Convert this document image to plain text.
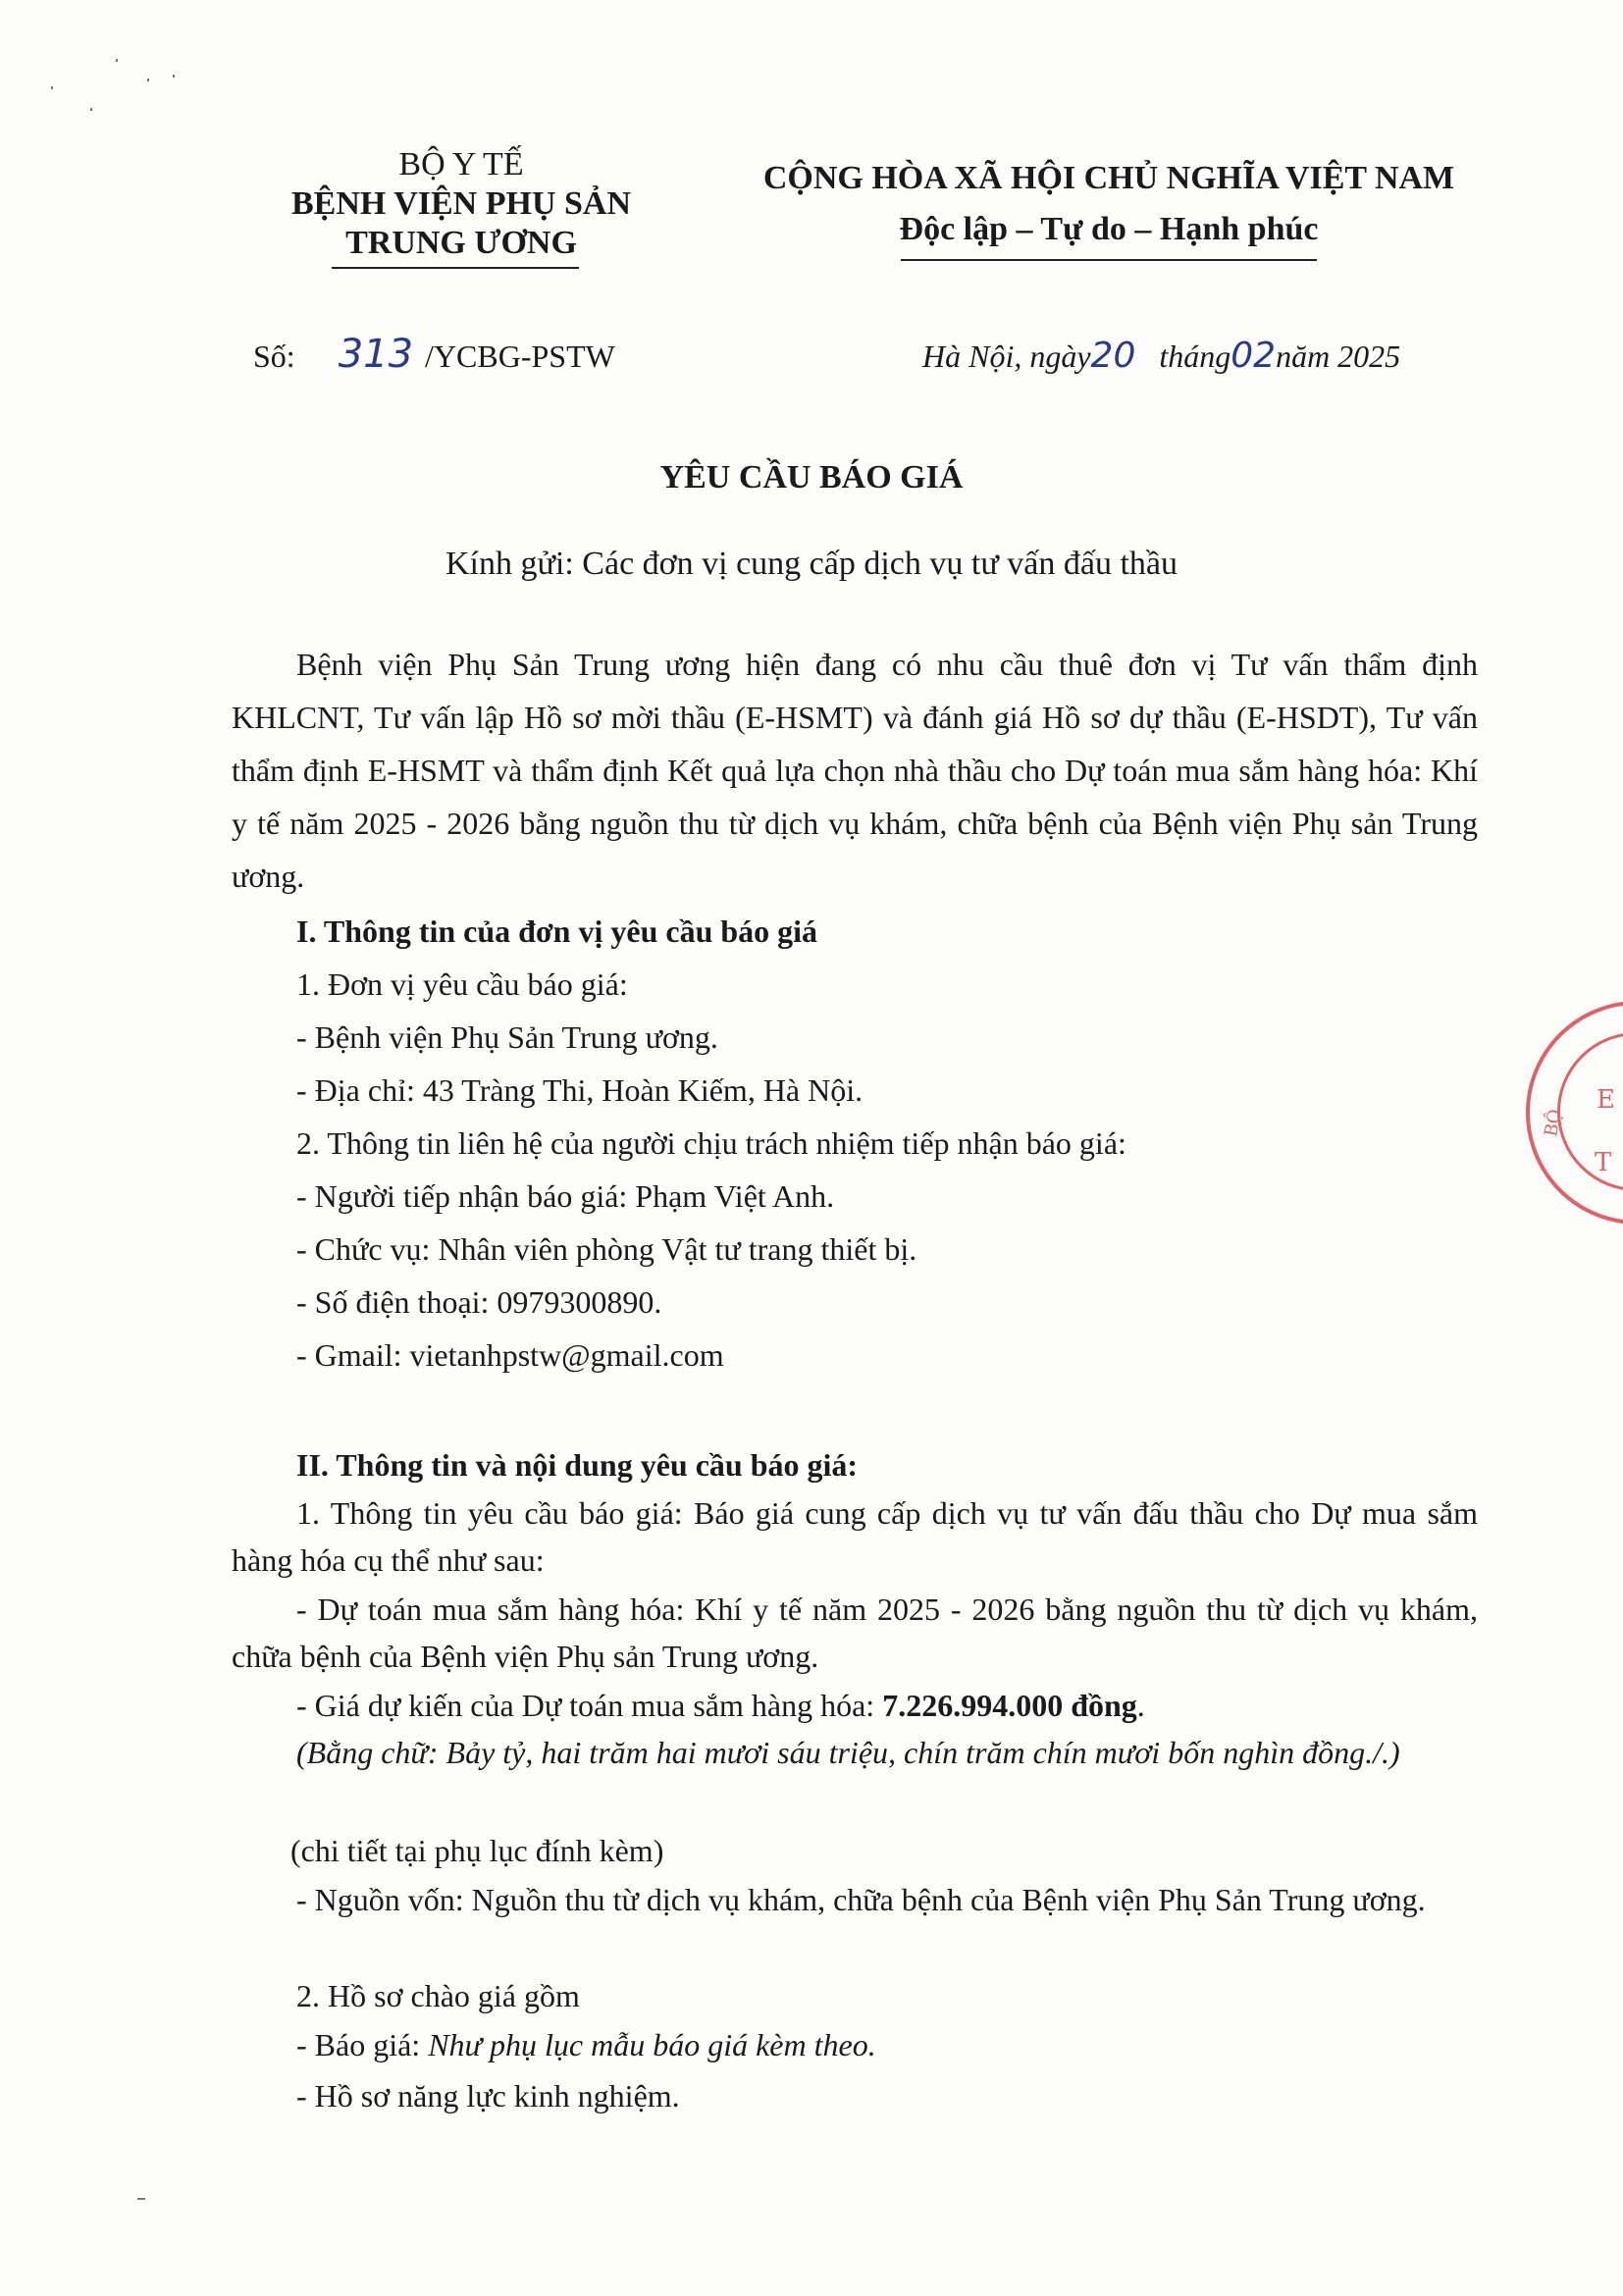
BỘ Y TẾ
BỆNH VIỆN PHỤ SẢN
TRUNG ƯƠNG
CỘNG HÒA XÃ HỘI CHỦ NGHĨA VIỆT NAM
Độc lập – Tự do – Hạnh phúc
Số: 313 /YCBG-PSTW	Hà Nội, ngày20 tháng02năm 2025
YÊU CẦU BÁO GIÁ
Kính gửi: Các đơn vị cung cấp dịch vụ tư vấn đấu thầu
Bệnh viện Phụ Sản Trung ương hiện đang có nhu cầu thuê đơn vị Tư vấn thẩm định KHLCNT, Tư vấn lập Hồ sơ mời thầu (E-HSMT) và đánh giá Hồ sơ dự thầu (E-HSDT), Tư vấn thẩm định E-HSMT và thẩm định Kết quả lựa chọn nhà thầu cho Dự toán mua sắm hàng hóa: Khí y tế năm 2025 - 2026 bằng nguồn thu từ dịch vụ khám, chữa bệnh của Bệnh viện Phụ sản Trung ương.
I. Thông tin của đơn vị yêu cầu báo giá
1. Đơn vị yêu cầu báo giá:
- Bệnh viện Phụ Sản Trung ương.
- Địa chỉ: 43 Tràng Thi, Hoàn Kiếm, Hà Nội.
2. Thông tin liên hệ của người chịu trách nhiệm tiếp nhận báo giá:
- Người tiếp nhận báo giá: Phạm Việt Anh.
- Chức vụ: Nhân viên phòng Vật tư trang thiết bị.
- Số điện thoại: 0979300890.
- Gmail: vietanhpstw@gmail.com
II. Thông tin và nội dung yêu cầu báo giá:
1. Thông tin yêu cầu báo giá: Báo giá cung cấp dịch vụ tư vấn đấu thầu cho Dự mua sắm hàng hóa cụ thể như sau:
- Dự toán mua sắm hàng hóa: Khí y tế năm 2025 - 2026 bằng nguồn thu từ dịch vụ khám, chữa bệnh của Bệnh viện Phụ sản Trung ương.
- Giá dự kiến của Dự toán mua sắm hàng hóa: 7.226.994.000 đồng.
(Bằng chữ: Bảy tỷ, hai trăm hai mươi sáu triệu, chín trăm chín mươi bốn nghìn đồng./.)
(chi tiết tại phụ lục đính kèm)
- Nguồn vốn: Nguồn thu từ dịch vụ khám, chữa bệnh của Bệnh viện Phụ Sản Trung ương.
2. Hồ sơ chào giá gồm
- Báo giá: Như phụ lục mẫu báo giá kèm theo.
- Hồ sơ năng lực kinh nghiệm.
E
T
BỘ
